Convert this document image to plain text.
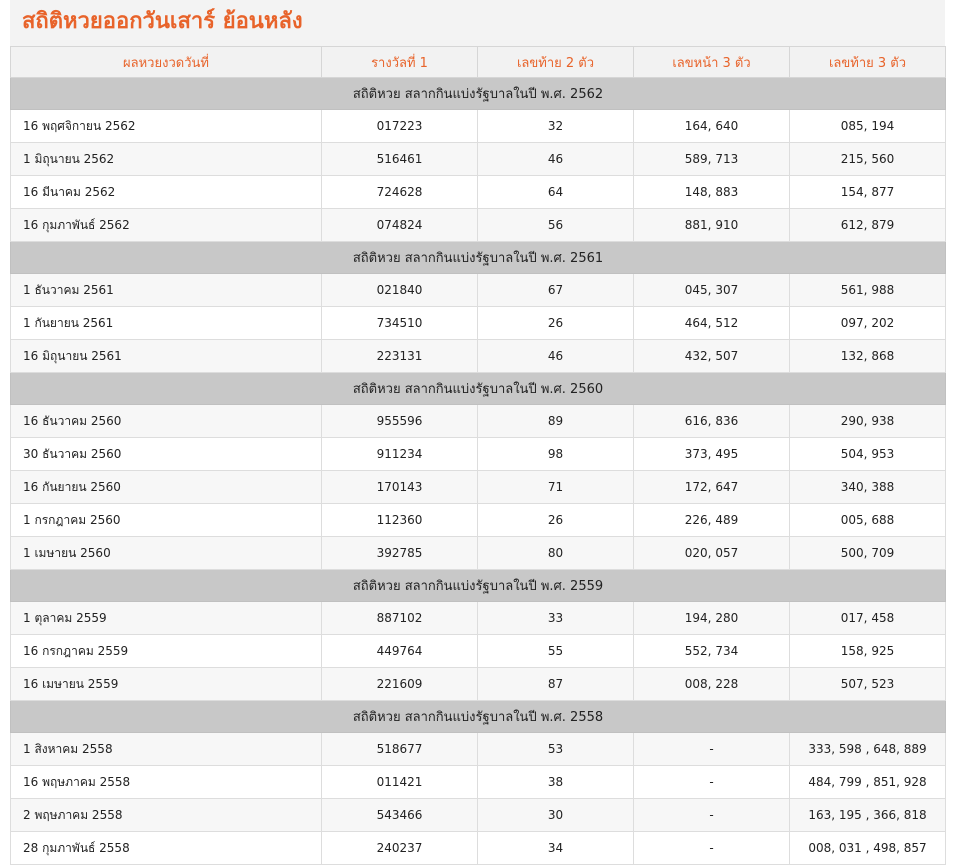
สถิติหวยออกวันเสาร์ ย้อนหลัง
ผลหวยงวดวันที่	รางวัลที่ 1	เลขท้าย 2 ตัว	เลขหน้า 3 ตัว	เลขท้าย 3 ตัว
สถิติหวย สลากกินแบ่งรัฐบาลในปี พ.ศ. 2562				
16 พฤศจิกายน 2562	017223	32	164, 640	085, 194
1 มิถุนายน 2562	516461	46	589, 713	215, 560
16 มีนาคม 2562	724628	64	148, 883	154, 877
16 กุมภาพันธ์ 2562	074824	56	881, 910	612, 879
สถิติหวย สลากกินแบ่งรัฐบาลในปี พ.ศ. 2561				
1 ธันวาคม 2561	021840	67	045, 307	561, 988
1 กันยายน 2561	734510	26	464, 512	097, 202
16 มิถุนายน 2561	223131	46	432, 507	132, 868
สถิติหวย สลากกินแบ่งรัฐบาลในปี พ.ศ. 2560				
16 ธันวาคม 2560	955596	89	616, 836	290, 938
30 ธันวาคม 2560	911234	98	373, 495	504, 953
16 กันยายน 2560	170143	71	172, 647	340, 388
1 กรกฎาคม 2560	112360	26	226, 489	005, 688
1 เมษายน 2560	392785	80	020, 057	500, 709
สถิติหวย สลากกินแบ่งรัฐบาลในปี พ.ศ. 2559				
1 ตุลาคม 2559	887102	33	194, 280	017, 458
16 กรกฎาคม 2559	449764	55	552, 734	158, 925
16 เมษายน 2559	221609	87	008, 228	507, 523
สถิติหวย สลากกินแบ่งรัฐบาลในปี พ.ศ. 2558				
1 สิงหาคม 2558	518677	53	-	333, 598 , 648, 889
16 พฤษภาคม 2558	011421	38	-	484, 799 , 851, 928
2 พฤษภาคม 2558	543466	30	-	163, 195 , 366, 818
28 กุมภาพันธ์ 2558	240237	34	-	008, 031 , 498, 857
